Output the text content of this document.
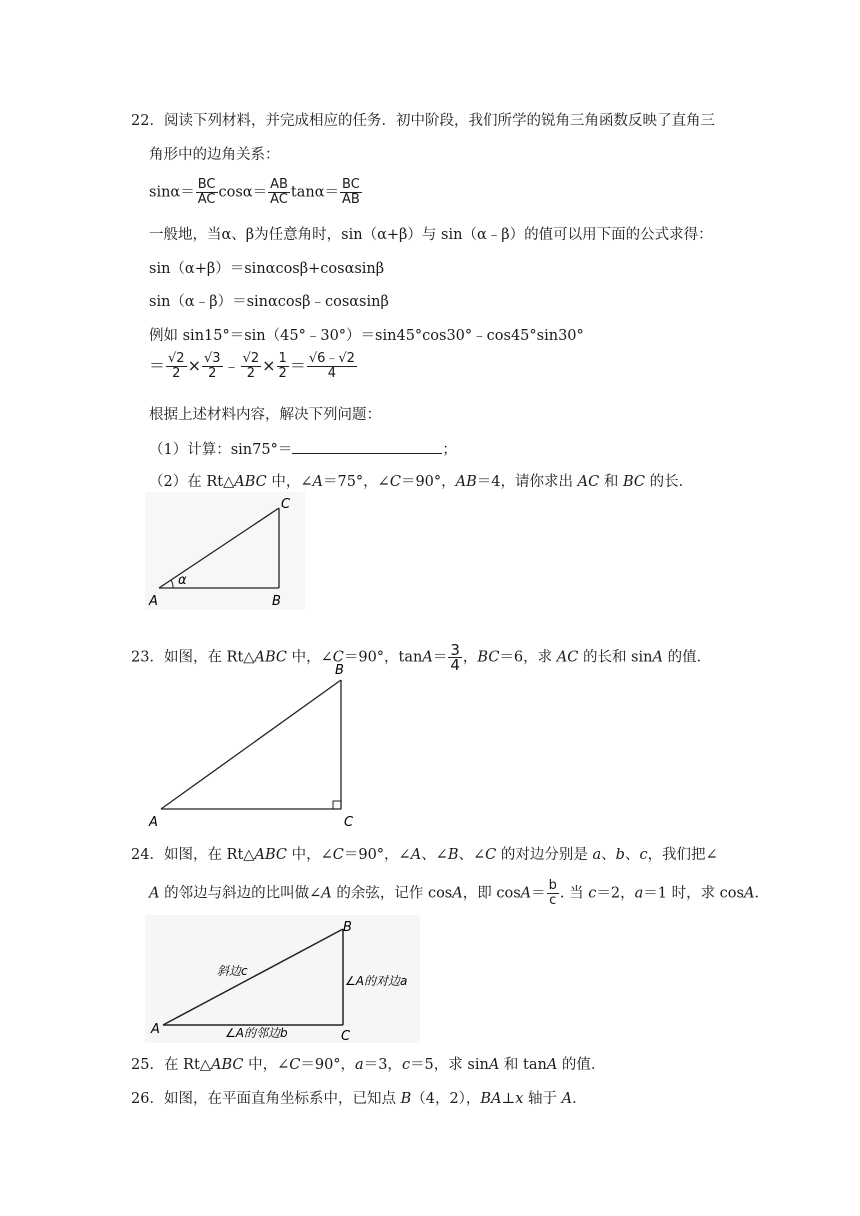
22．阅读下列材料，并完成相应的任务．初中阶段，我们所学的锐角三角函数反映了直角三
角形中的边角关系：
$\sin\alpha= \frac{BC}{AC} \cos\alpha= \frac{AB}{AC} \tan\alpha= \frac{BC}{AB}$
一般地，当α、β为任意角时，sin（α+β）与 sin（α﹣β）的值可以用下面的公式求得：
sin（α+β）＝sinαcosβ+cosαsinβ
sin（α﹣β）＝sinαcosβ﹣cosαsinβ
例如 sin15°＝sin（45°﹣30°）＝sin45°cos30°﹣cos45°sin30°
＝ $\frac{√2}{2} \times \frac{√3}{2}$ ﹣ $\frac{√2}{2} \times \frac{1}{2} = \frac{√6﹣√2}{4}$
根据上述材料内容，解决下列问题：
（1）计算：sin75°＝	；
（2）在 Rt△ABC 中，∠A＝75°，∠C＝90°，AB＝4，请你求出 AC 和 BC 的长．
α
A	B
C
23．如图，在 Rt△ABC 中，∠C＝90°，$\tan A= \frac{3}{4}$ ，BC＝6，求 AC 的长和 sinA 的值．
A
B
C
24．如图，在 Rt△ABC 中，∠C＝90°，∠A、∠B、∠C 的对边分别是 a、b、c，我们把∠
A 的邻边与斜边的比叫做∠A 的余弦，记作 cosA，即 $\cos A= \frac{b}{c}$ . 当 c＝2，a＝1 时，求 cosA．
A
B
C
斜边c
∠A的对边a
∠A的邻边b
25．在 Rt△ABC 中，∠C＝90°，a＝3，c＝5，求 sinA 和 tanA 的值．
26．如图，在平面直角坐标系中，已知点 B（4，2），BA⊥x 轴于 A．
